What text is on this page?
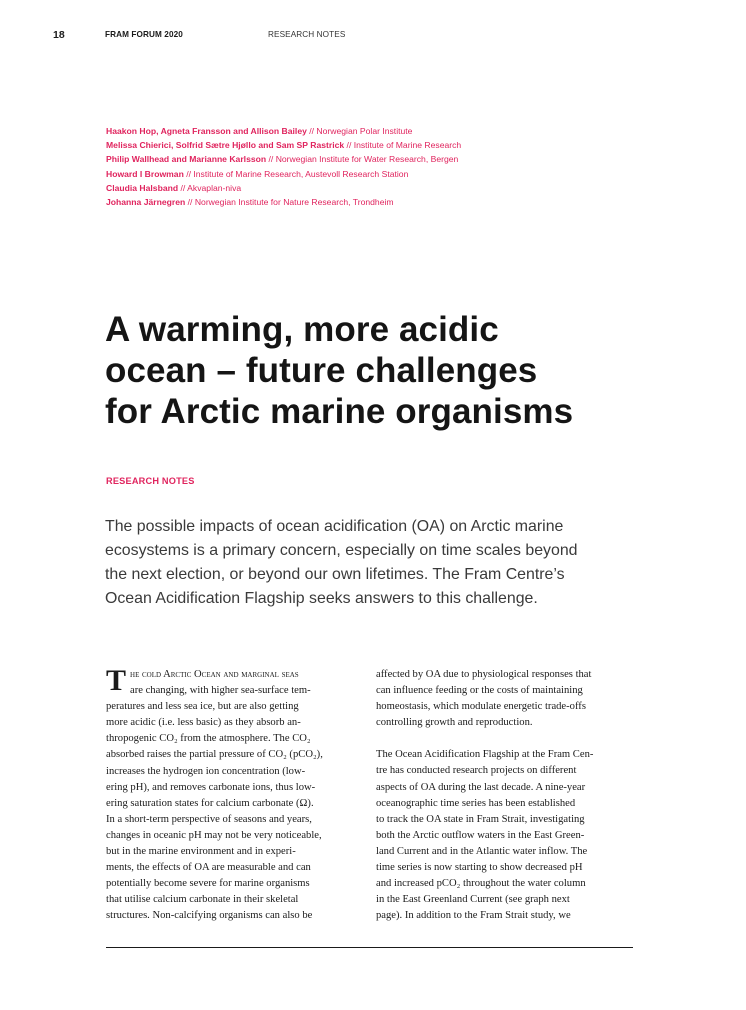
18	FRAM FORUM 2020	RESEARCH NOTES
Haakon Hop, Agneta Fransson and Allison Bailey // Norwegian Polar Institute
Melissa Chierici, Solfrid Sætre Hjøllo and Sam SP Rastrick // Institute of Marine Research
Philip Wallhead and Marianne Karlsson // Norwegian Institute for Water Research, Bergen
Howard I Browman // Institute of Marine Research, Austevoll Research Station
Claudia Halsband // Akvaplan-niva
Johanna Järnegren // Norwegian Institute for Nature Research, Trondheim
A warming, more acidic
ocean – future challenges
for Arctic marine organisms
RESEARCH NOTES
The possible impacts of ocean acidification (OA) on Arctic marine
ecosystems is a primary concern, especially on time scales beyond
the next election, or beyond our own lifetimes. The Fram Centre’s
Ocean Acidification Flagship seeks answers to this challenge.
T he cold Arctic Ocean and marginal seas
are changing, with higher sea-surface tem-
peratures and less sea ice, but are also getting
more acidic (i.e. less basic) as they absorb an-
thropogenic CO₂ from the atmosphere. The CO₂
absorbed raises the partial pressure of CO₂ (pCO₂),
increases the hydrogen ion concentration (low-
ering pH), and removes carbonate ions, thus low-
ering saturation states for calcium carbonate (Ω).
In a short-term perspective of seasons and years,
changes in oceanic pH may not be very noticeable,
but in the marine environment and in experi-
ments, the effects of OA are measurable and can
potentially become severe for marine organisms
that utilise calcium carbonate in their skeletal
structures. Non-calcifying organisms can also be
affected by OA due to physiological responses that
can influence feeding or the costs of maintaining
homeostasis, which modulate energetic trade-offs
controlling growth and reproduction.
The Ocean Acidification Flagship at the Fram Cen-
tre has conducted research projects on different
aspects of OA during the last decade. A nine-year
oceanographic time series has been established
to track the OA state in Fram Strait, investigating
both the Arctic outflow waters in the East Green-
land Current and in the Atlantic water inflow. The
time series is now starting to show decreased pH
and increased pCO₂ throughout the water column
in the East Greenland Current (see graph next
page). In addition to the Fram Strait study, we
